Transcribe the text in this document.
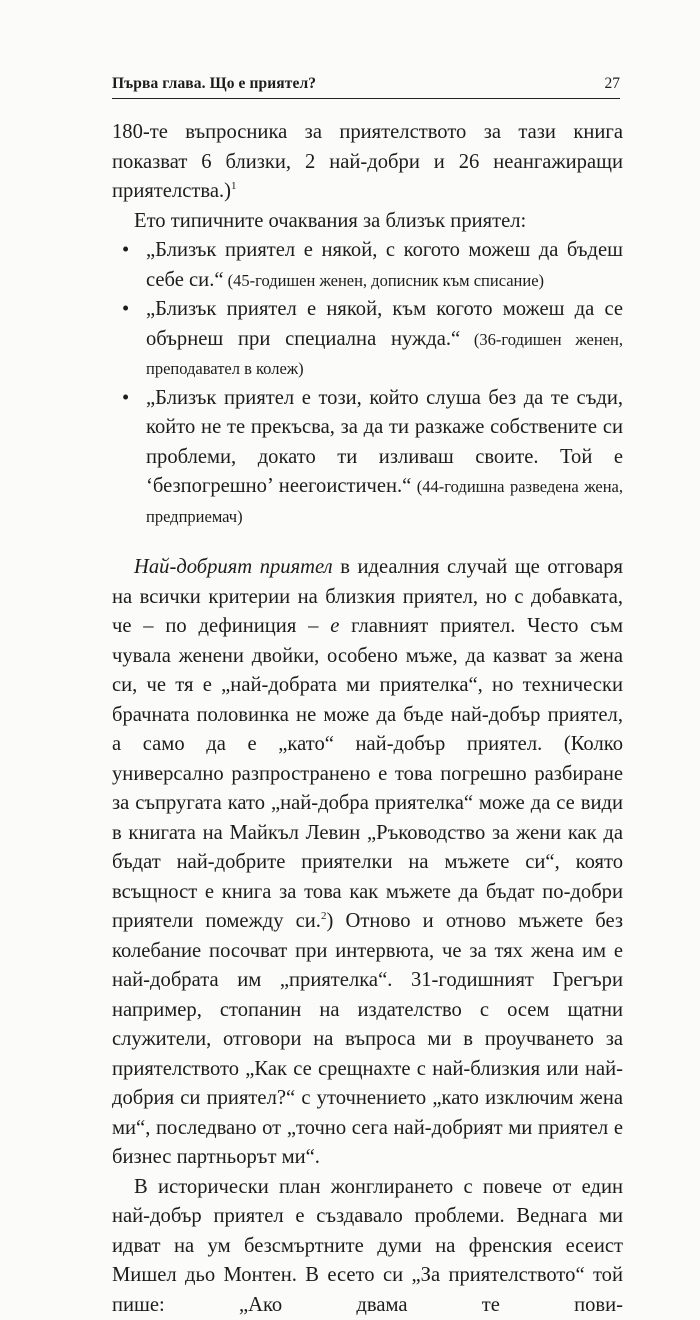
Първа глава. Що е приятел?	27

180-те въпросника за приятелството за тази книга показват 6 близки, 2 най-добри и 26 неангажиращи приятелства.)$^1$

Ето типичните очаквания за близък приятел:

• „Близък приятел е някой, с когото можеш да бъдеш себе си.“ (45-годишен женен, дописник към списание)
• „Близък приятел е някой, към когото можеш да се обърнеш при специална нужда.“ (36-годишен женен, преподавател в колеж)
• „Близък приятел е този, който слуша без да те съди, който не те прекъсва, за да ти разкаже собствените си проблеми, докато ти изливаш своите. Той е ‘безпогрешно’ неегоистичен.“ (44-годишна разведена жена, предприемач)

Най-добрият приятел в идеалния случай ще отговаря на всички критерии на близкия приятел, но с добавката, че – по дефиниция – е главният приятел. Често съм чувала женени двойки, особено мъже, да казват за жена си, че тя е „най-добрата ми приятелка“, но технически брачната половинка не може да бъде най-добър приятел, а само да е „като“ най-добър приятел. (Колко универсално разпространено е това погрешно разбиране за съпругата като „най-добра приятелка“ може да се види в книгата на Майкъл Левин „Ръководство за жени как да бъдат най-добрите приятелки на мъжете си“, която всъщност е книга за това как мъжете да бъдат по-добри приятели помежду си.$^2$) Отново и отново мъжете без колебание посочват при интервюта, че за тях жена им е най-добрата им „приятелка“. 31-годишният Грегъри например, стопанин на издателство с осем щатни служители, отговори на въпроса ми в проучването за приятелството „Как се срещнахте с най-близкия или най-добрия си приятел?“ с уточнението „като изключим жена ми“, последвано от „точно сега най-добрият ми приятел е бизнес партньорът ми“.

В исторически план жонглирането с повече от един най-добър приятел е създавало проблеми. Веднага ми идват на ум безсмъртните думи на френския есеист Мишел дьо Монтен. В есето си „За приятелството“ той пише: „Ако двама те пови-
